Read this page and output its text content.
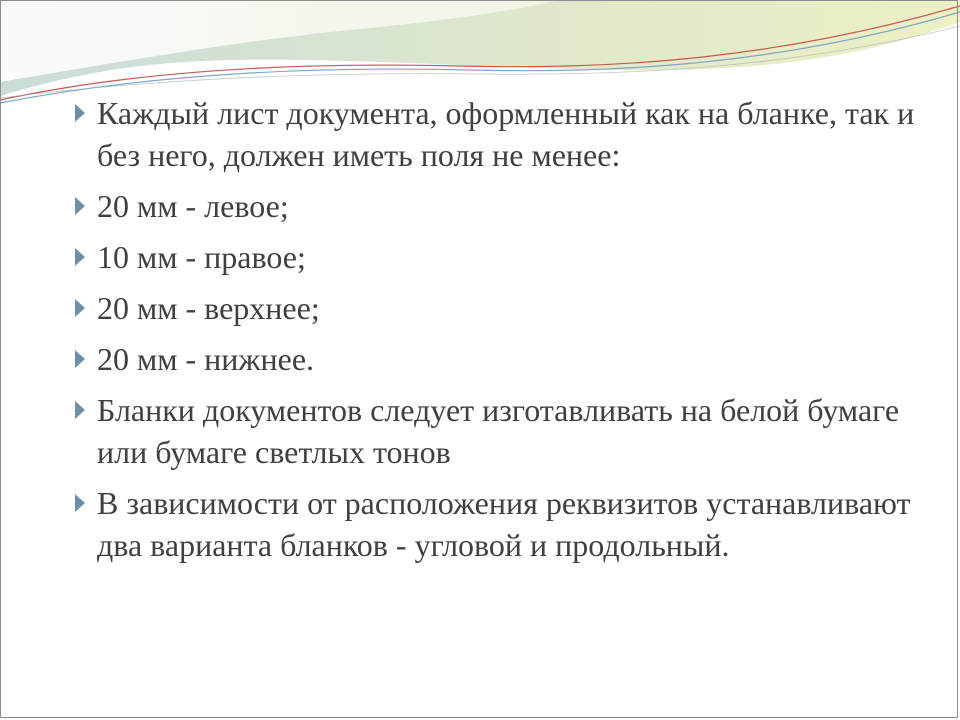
Каждый лист документа, оформленный как на бланке, так и без него, должен иметь поля не менее:
20 мм - левое;
10 мм - правое;
20 мм - верхнее;
20 мм - нижнее.
Бланки документов следует изготавливать на белой бумаге или бумаге светлых тонов
В зависимости от расположения реквизитов устанавливают два варианта бланков - угловой и продольный.
